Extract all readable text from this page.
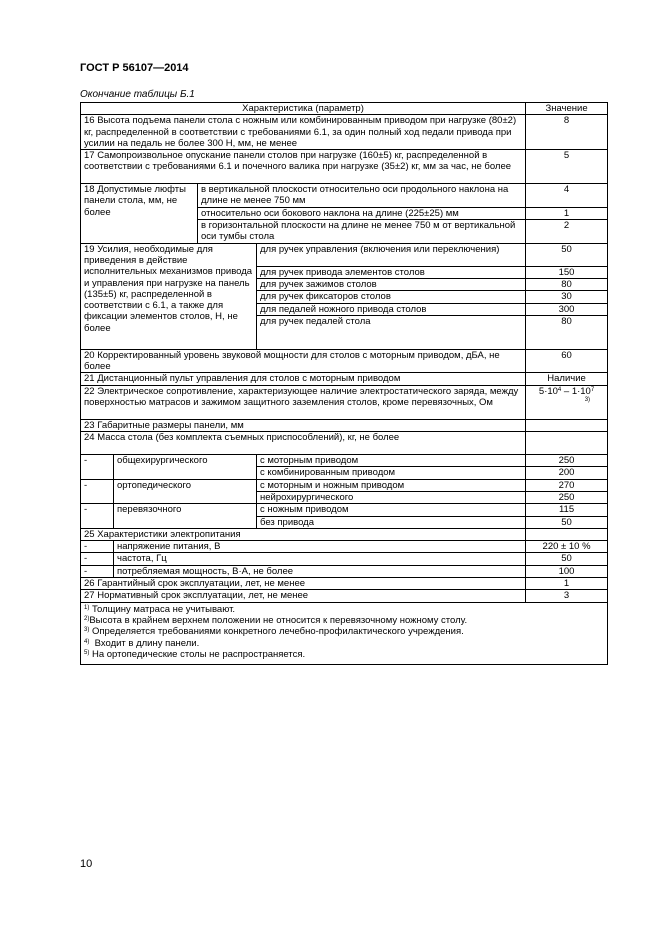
ГОСТ Р 56107—2014
Окончание таблицы Б.1
Характеристика (параметр)				Значение
16 Высота подъема панели стола с ножным или комбинированным приводом при нагрузке (80±2) кг, распределенной в соответствии с требованиями 6.1, за один полный ход педали привода при усилии на педаль не более 300 Н, мм, не менее				8
17 Самопроизвольное опускание панели столов при нагрузке (160±5) кг, распределенной в соответствии с требованиями 6.1 и почечного валика при нагрузке (35±2) кг, мм за час, не более				5
18 Допустимые люфты панели стола, мм, не более		в вертикальной плоскости относительно оси продольного наклона на длине не менее 750 мм		4
		относительно оси бокового наклона на длине (225±25) мм		1
		в горизонтальной плоскости на длине не менее 750 м от вертикальной оси тумбы стола		2
19 Усилия, необходимые для приведения в действие исполнительных механизмов привода и управления при нагрузке на панель (135±5) кг, распределенной в соответствии с 6.1, а также для фиксации элементов столов, Н, не более			для ручек управления (включения или переключения)	50
			для ручек привода элементов столов	150
			для ручек зажимов столов	80
			для ручек фиксаторов столов	30
			для педалей ножного привода столов	300
			для ручек педалей стола	80
20 Корректированный уровень звуковой мощности для столов с моторным приводом, дБА, не более				60
21 Дистанционный пульт управления для столов с моторным приводом				Наличие
22 Электрическое сопротивление, характеризующее наличие электростатического заряда, между поверхностью матрасов и зажимом защитного заземления столов, кроме перевязочных, Ом				$5\cdot 10^4 - 1\cdot 10^7$
3)

23 Габаритные размеры панели, мм				
24 Масса стола (без комплекта съемных приспособлений), кг, не более				
-	общехирургического		с моторным приводом	250
			с комбинированным приводом	200
-	ортопедического		с моторным и ножным приводом	270
			нейрохирургического	250
-	перевязочного		с ножным приводом	115
			без привода	50
25 Характеристики электропитания				
-	напряжение питания, В			220 ± 10 %
-	частота, Гц			50
-	потребляемая мощность, В·А, не более			100
26 Гарантийный срок эксплуатации, лет, не менее				1
27 Нормативный срок эксплуатации, лет, не менее				3

$^{1)}$ Толщину матраса не учитывают.
$^{2)}$Высота в крайнем верхнем положении не относится к перевязочному ножному столу.
$^{3)}$ Определяется требованиями конкретного лечебно-профилактического учреждения.
$^{4)}$  Входит в длину панели.
$^{5)}$ На ортопедические столы не распространяется.				
10
